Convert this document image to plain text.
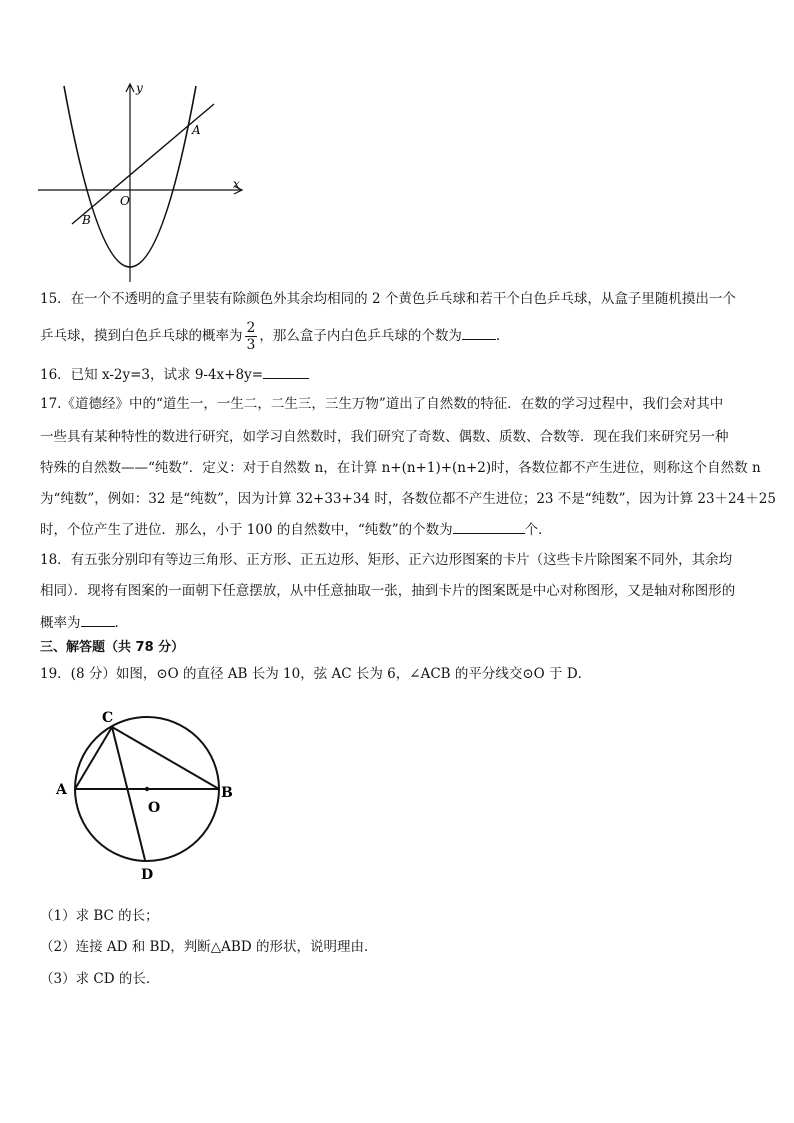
y
x
O
A
B
15．在一个不透明的盒子里装有除颜色外其余均相同的 2 个黄色乒乓球和若干个白色乒乓球，从盒子里随机摸出一个
乒乓球，摸到白色乒乓球的概率为 $\frac{2}{3}$ ，那么盒子内白色乒乓球的个数为	.
16．已知 x-2y=3，试求 9-4x+8y=
17.《道德经》中的“道生一，一生二，二生三，三生万物”道出了自然数的特征．在数的学习过程中，我们会对其中
一些具有某种特性的数进行研究，如学习自然数时，我们研究了奇数、偶数、质数、合数等．现在我们来研究另一种
特殊的自然数——“纯数”．定义：对于自然数 n，在计算 n+(n+1)+(n+2)时，各数位都不产生进位，则称这个自然数 n
为“纯数”，例如：32 是“纯数”，因为计算 32+33+34 时，各数位都不产生进位；23 不是“纯数”，因为计算 23＋24＋25
时，个位产生了进位．那么，小于 100 的自然数中，“纯数”的个数为	个．
18．有五张分别印有等边三角形、正方形、正五边形、矩形、正六边形图案的卡片（这些卡片除图案不同外，其余均
相同）．现将有图案的一面朝下任意摆放，从中任意抽取一张，抽到卡片的图案既是中心对称图形，又是轴对称图形的
概率为	.
三、解答题（共 78 分）
19．(8 分）如图，⊙O 的直径 AB 长为 10，弦 AC 长为 6，∠ACB 的平分线交⊙O 于 D．
C
A	B
O
D
（1）求 BC 的长；
（2）连接 AD 和 BD，判断△ABD 的形状，说明理由．
（3）求 CD 的长．
